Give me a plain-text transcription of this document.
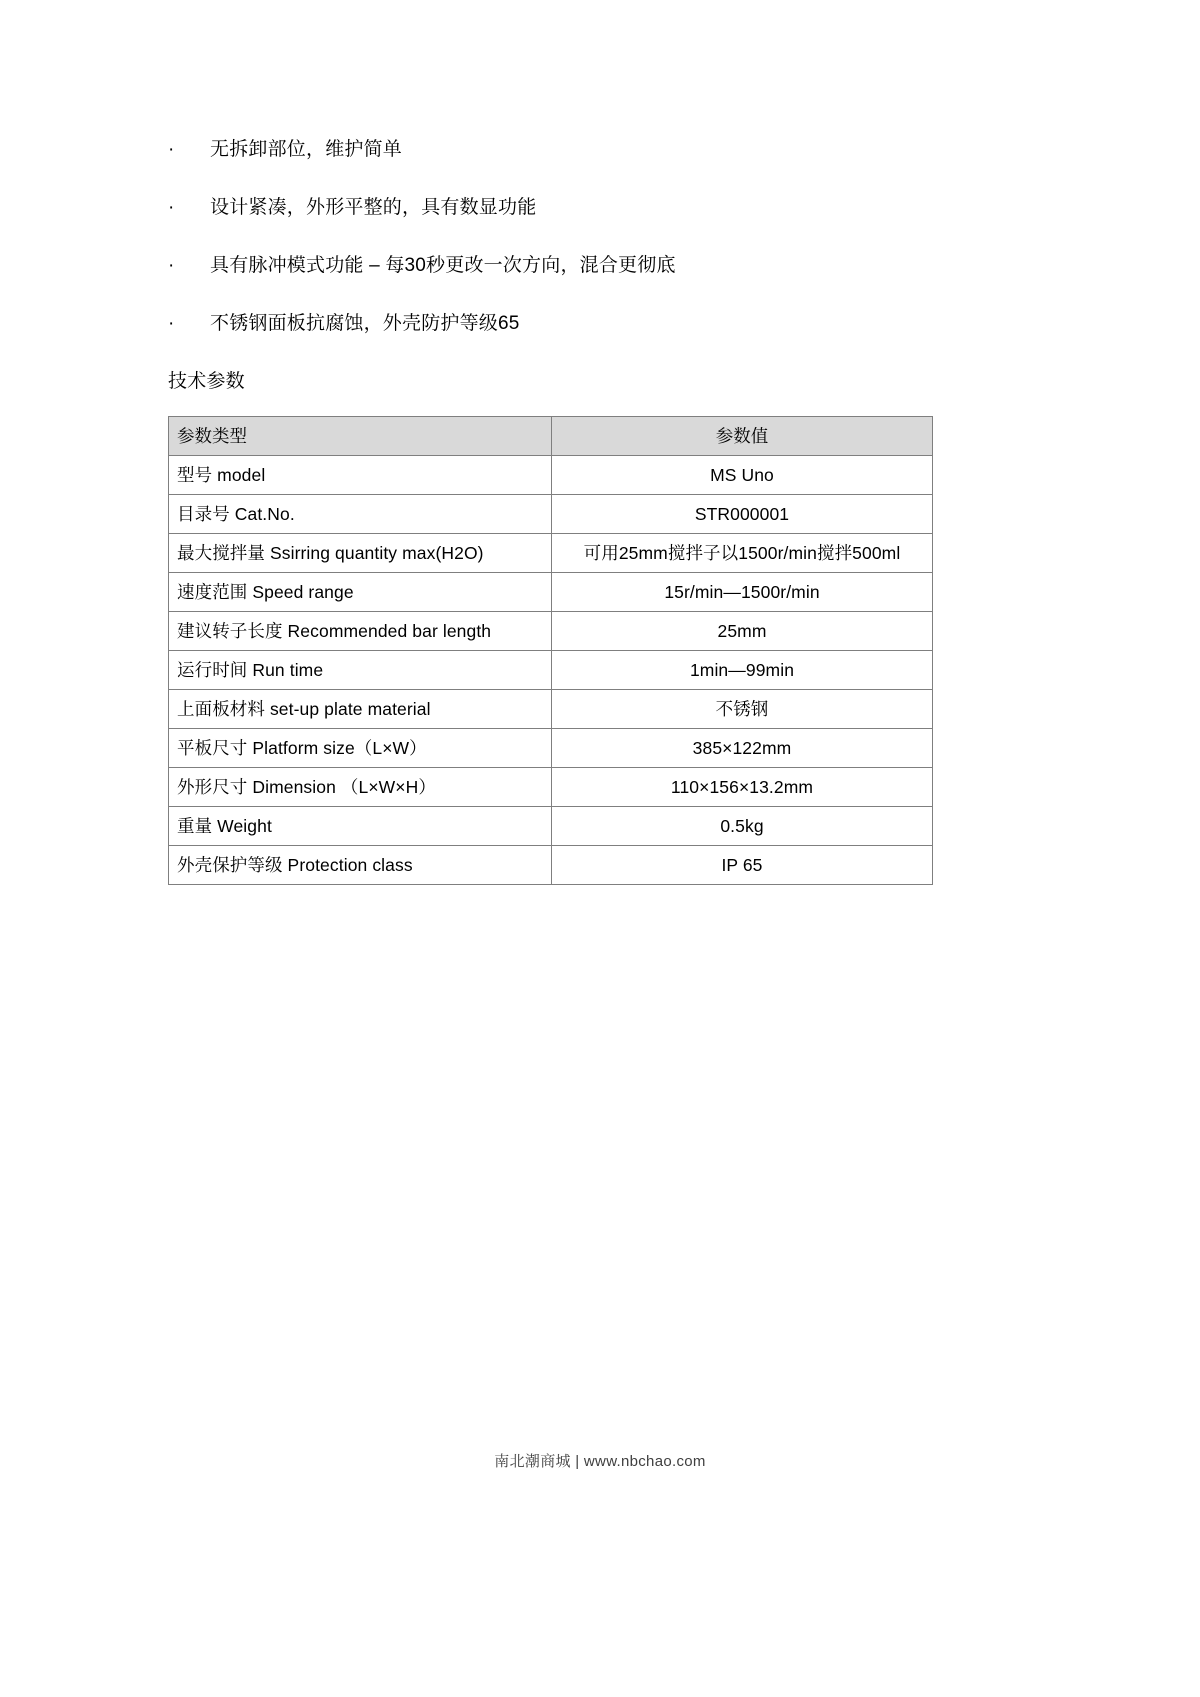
·	无拆卸部位，维护简单
·	设计紧凑，外形平整的，具有数显功能
·	具有脉冲模式功能 – 每30秒更改一次方向，混合更彻底
·	不锈钢面板抗腐蚀，外壳防护等级65
技术参数
参数类型	参数值
型号 model	MS Uno
目录号 Cat.No.	STR000001
最大搅拌量 Ssirring quantity max(H2O)	可用25mm搅拌子以1500r/min搅拌500ml
速度范围 Speed range	15r/min—1500r/min
建议转子长度 Recommended bar length	25mm
运行时间 Run time	1min—99min
上面板材料 set-up plate material	不锈钢
平板尺寸 Platform size（L×W）	385×122mm
外形尺寸 Dimension （L×W×H）	110×156×13.2mm
重量 Weight	0.5kg
外壳保护等级 Protection class	IP 65
南北潮商城 | www.nbchao.com
